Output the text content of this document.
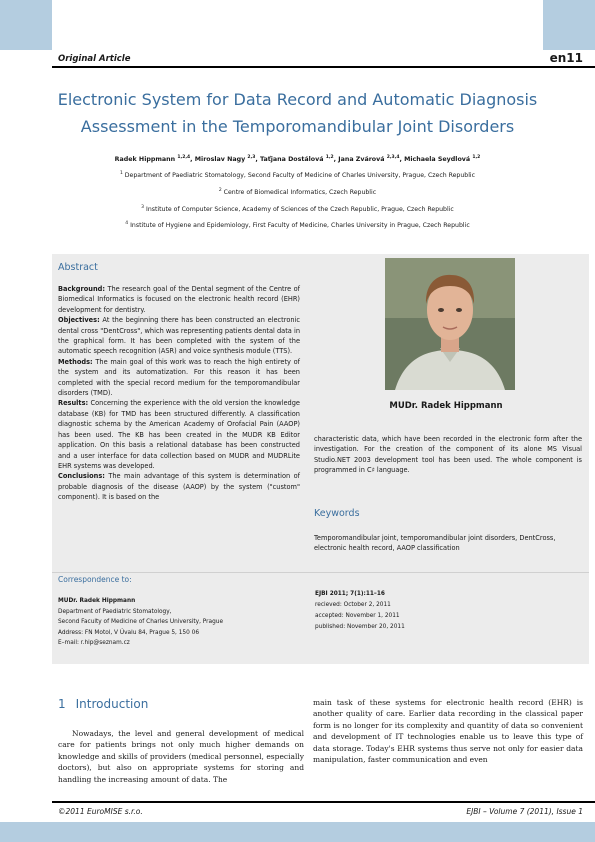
Original Article	en11
Electronic System for Data Record and Automatic Diagnosis
Assessment in the Temporomandibular Joint Disorders
Radek Hippmann $^{1,2,4}$, Miroslav Nagy $^{2,3}$, Taťjana Dostálová $^{1,2}$, Jana Zvárová $^{2,3,4}$, Michaela Seydlová $^{1,2}$
$^1$ Department of Paediatric Stomatology, Second Faculty of Medicine of Charles University, Prague, Czech Republic
$^2$ Centre of Biomedical Informatics, Czech Republic
$^3$ Institute of Computer Science, Academy of Sciences of the Czech Republic, Prague, Czech Republic
$^4$ Institute of Hygiene and Epidemiology, First Faculty of Medicine, Charles University in Prague, Czech Republic
Abstract

Background: The research goal of the Dental segment of the Centre of Biomedical Informatics is focused on the electronic health record (EHR) development for dentistry.

Objectives: At the beginning there has been constructed an electronic dental cross "DentCross", which was representing patients dental data in the graphical form. It has been completed with the system of the automatic speech recognition (ASR) and voice synthesis module (TTS).

Methods: The main goal of this work was to reach the high entirety of the system and its automatization. For this reason it has been completed with the special record medium for the temporomandibular disorders (TMD).

Results: Concerning the experience with the old version the knowledge database (KB) for TMD has been structured differently. A classification diagnostic schema by the American Academy of Orofacial Pain (AAOP) has been used. The KB has been created in the MUDR KB Editor application. On this basis a relational database has been constructed and a user interface for data collection based on MUDR and MUDRLite EHR systems was developed.

Conclusions: The main advantage of this system is determination of probable diagnosis of the disease (AAOP) by the system ("custom" component). It is based on the

MUDr. Radek Hippmann
characteristic data, which have been recorded in the electronic form after the investigation. For the creation of the component of its alone MS Visual Studio.NET 2003 development tool has been used. The whole component is programmed in C♯ language.
Keywords
Temporomandibular joint, temporomandibular joint disorders, DentCross, electronic health record, AAOP classification
Correspondence to:
MUDr. Radek Hippmann
Department of Paediatric Stomatology,
Second Faculty of Medicine of Charles University, Prague
Address: FN Motol, V Úvalu 84, Prague 5, 150 06
E–mail: r.hip@seznam.cz
EJBI 2011; 7(1):11–16
recieved: October 2, 2011
accepted: November 1, 2011
published: November 20, 2011
1 Introduction
Nowadays, the level and general development of medical care for patients brings not only much higher demands on knowledge and skills of providers (medical personnel, especially doctors), but also on appropriate systems for storing and handling the increasing amount of data. The
main task of these systems for electronic health record (EHR) is another quality of care. Earlier data recording in the classical paper form is no longer for its complexity and quantity of data so convenient and development of IT technologies enable us to leave this type of data storage. Today's EHR systems thus serve not only for easier data manipulation, faster communication and even
©2011 EuroMISE s.r.o.	EJBI – Volume 7 (2011), Issue 1
